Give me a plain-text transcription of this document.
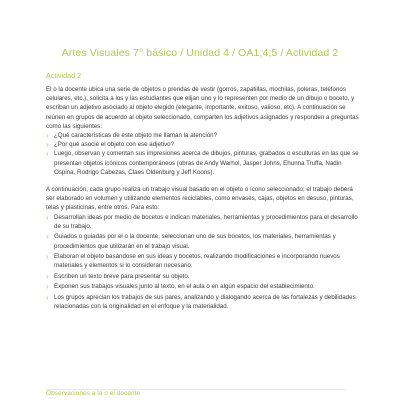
Artes Visuales 7° básico / Unidad 4 / OA1;4;5 / Actividad 2
Actividad 2

El o la docente ubica una serie de objetos o prendas de vestir (gorros, zapatillas, mochilas, poleras, teléfonos celulares, etc.), solicita a los y las estudiantes que elijan uno y lo representen por medio de un dibujo o boceto, y escriban un adjetivo asociado al objeto elegido (elegante, importante, exitoso, valioso, etc). A continuación se reúnen en grupos de acuerdo al objeto seleccionado, comparten los adjetivos asignados y responden a preguntas como las siguientes:

› ¿Qué características de este objeto me llaman la atención?
› ¿Por qué asocié el objeto con ese adjetivo?
› Luego, observan y comentan sus impresiones acerca de dibujos, pinturas, grabados o esculturas en las que se presentan objetos icónicos contemporáneos (obras de Andy Warhol, Jasper Johns, Ehunna Truffa, Nadin Ospina, Rodrigo Cabezas, Claes Oldenburg y Jeff Koons).

A continuación, cada grupo realiza un trabajo visual basado en el objeto o ícono seleccionado; el trabajo deberá ser elaborado en volumen y utilizando elementos reciclables, como envases, cajas, objetos en desuso, pinturas, telas y plasticinas, entre otros. Para esto:

› Desarrollan ideas por medio de bocetos e indican materiales, herramientas y procedimientos para el desarrollo de su trabajo.
› Guiados o guiadas por el o la docente, seleccionan uno de sus bocetos, los materiales, herramientas y procedimientos que utilizarán en el trabajo visual.
› Elaboran el objeto basándose en sus ideas y bocetos, realizando modificaciones e incorporando nuevos materiales y elementos si lo consideran necesario.
› Escriben un texto breve para presentar su objeto.
› Exponen sus trabajos visuales junto al texto, en el aula o en algún espacio del establecimiento.
› Los grupos aprecian los trabajos de sus pares, analizando y dialogando acerca de las fortalezas y debilidades relacionadas con la originalidad en el enfoque y la materialidad.
Observaciones a la o el docente
